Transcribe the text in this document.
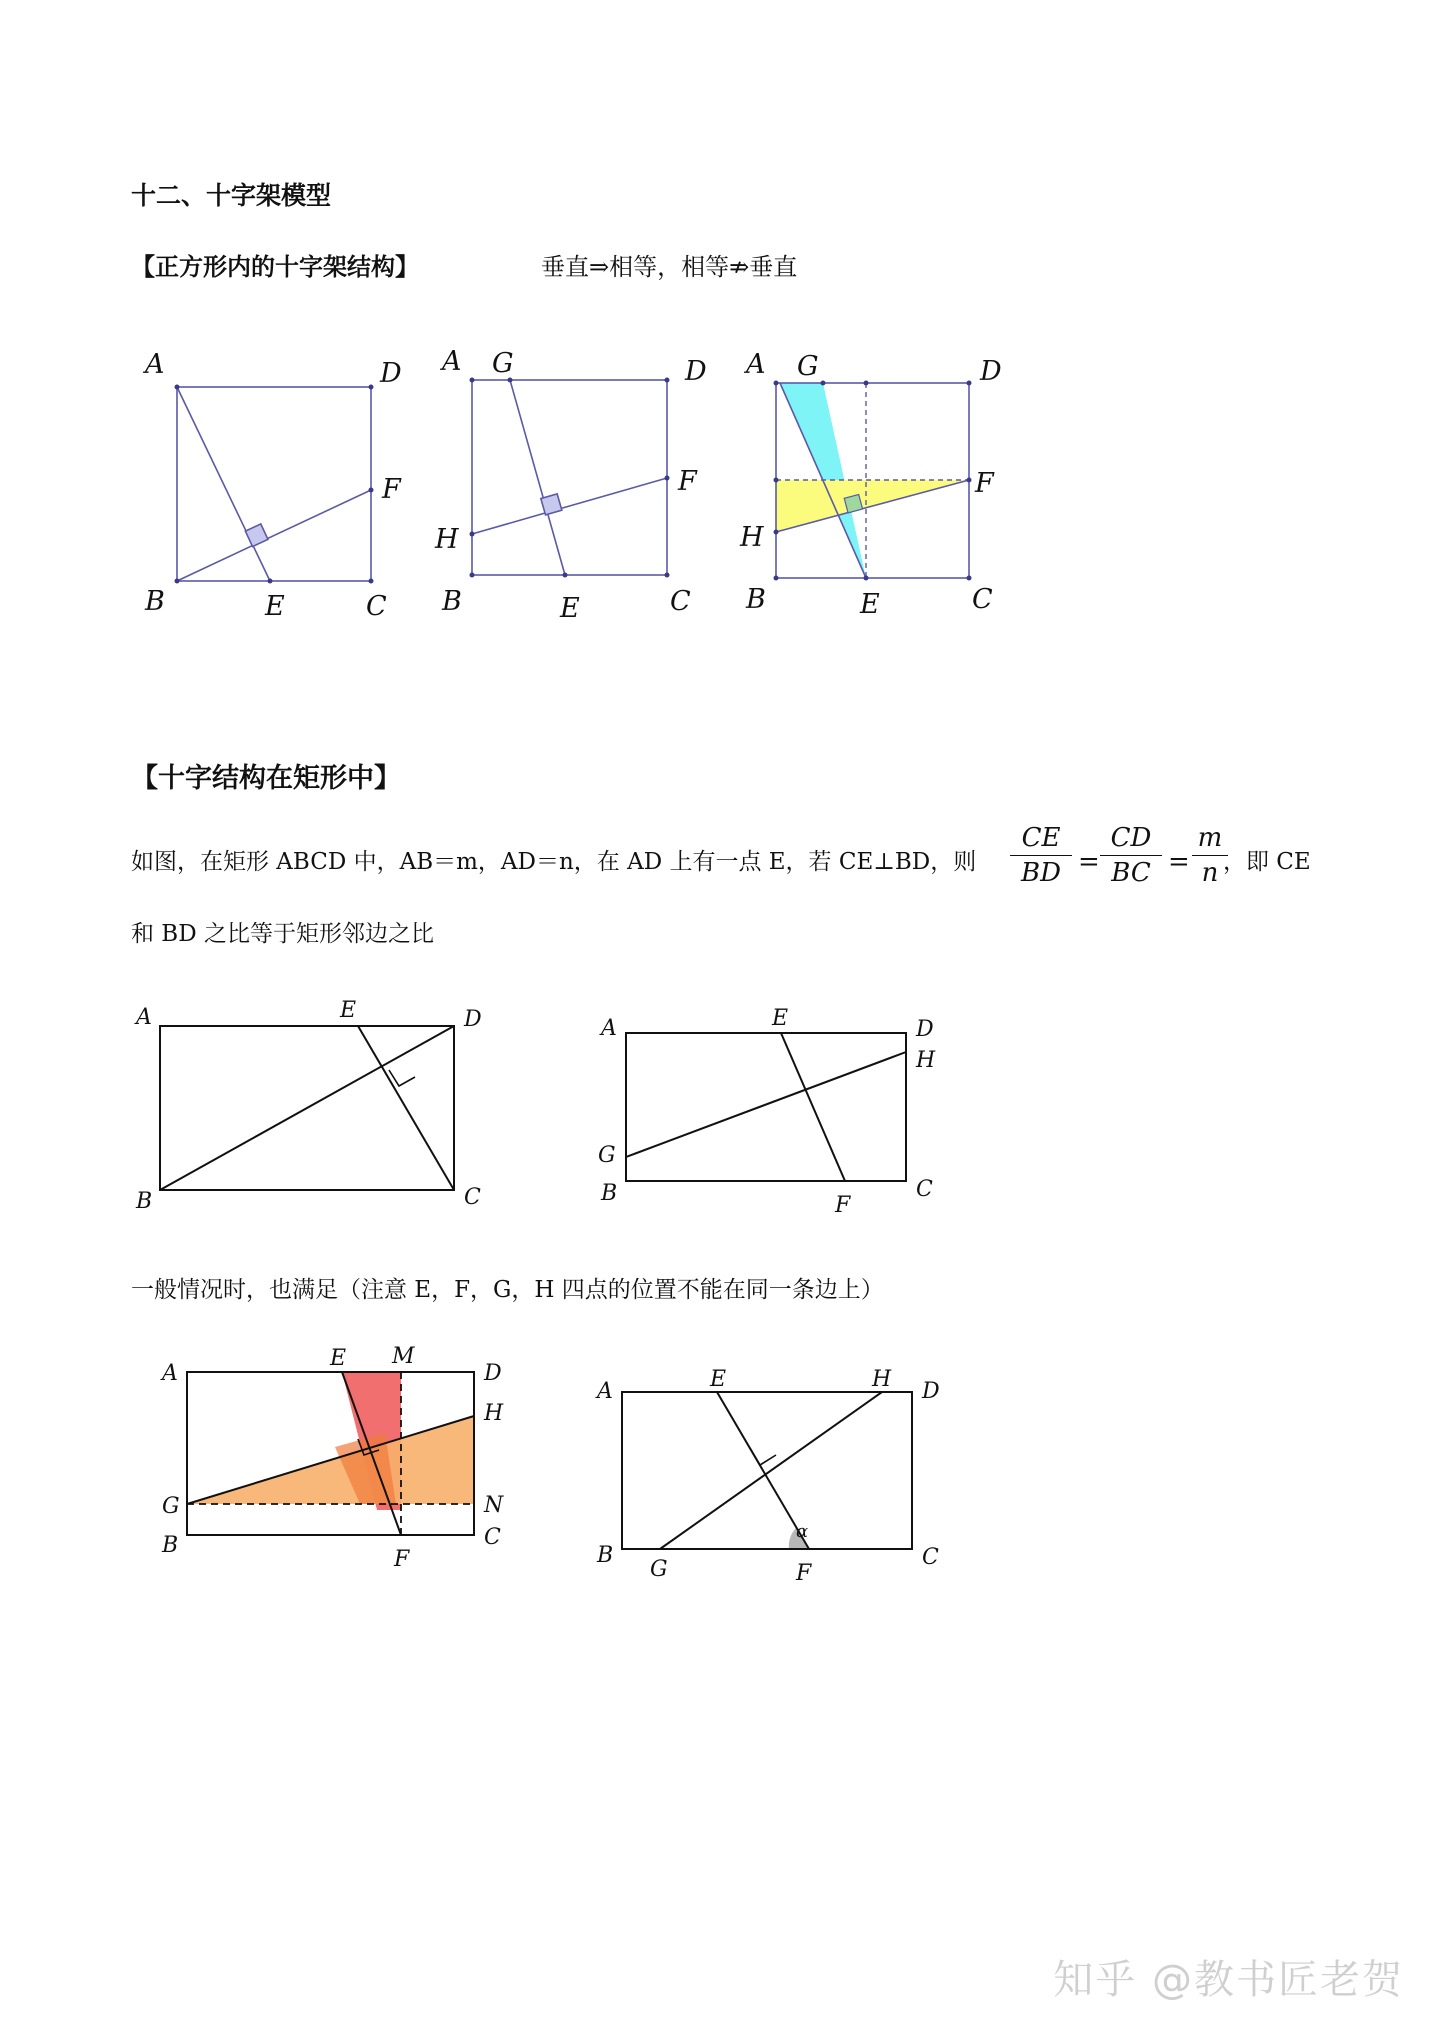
十二、十字架模型
【正方形内的十字架结构】	垂直⇒相等，相等⇏垂直
A	D
F
B	E	C
A G	D
F
H
B	E	C
A G	D
F
H
B	E	C
【十字结构在矩形中】
如图，在矩形 ABCD 中，AB＝m，AD＝n，在 AD 上有一点 E，若 CE⊥BD，则 $\frac{CE}{BD} = \frac{CD}{BC} = \frac{m}{n}$
，即 CE
和 BD 之比等于矩形邻边之比
A	E	D
B	C
A	E	D
H
G
B	F
C
一般情况时，也满足（注意 E，F，G，H 四点的位置不能在同一条边上）
A
E M
D
H
G	N
B	C
F
A	E	H D
B
G	F
C
α
知乎 @教书匠老贺
